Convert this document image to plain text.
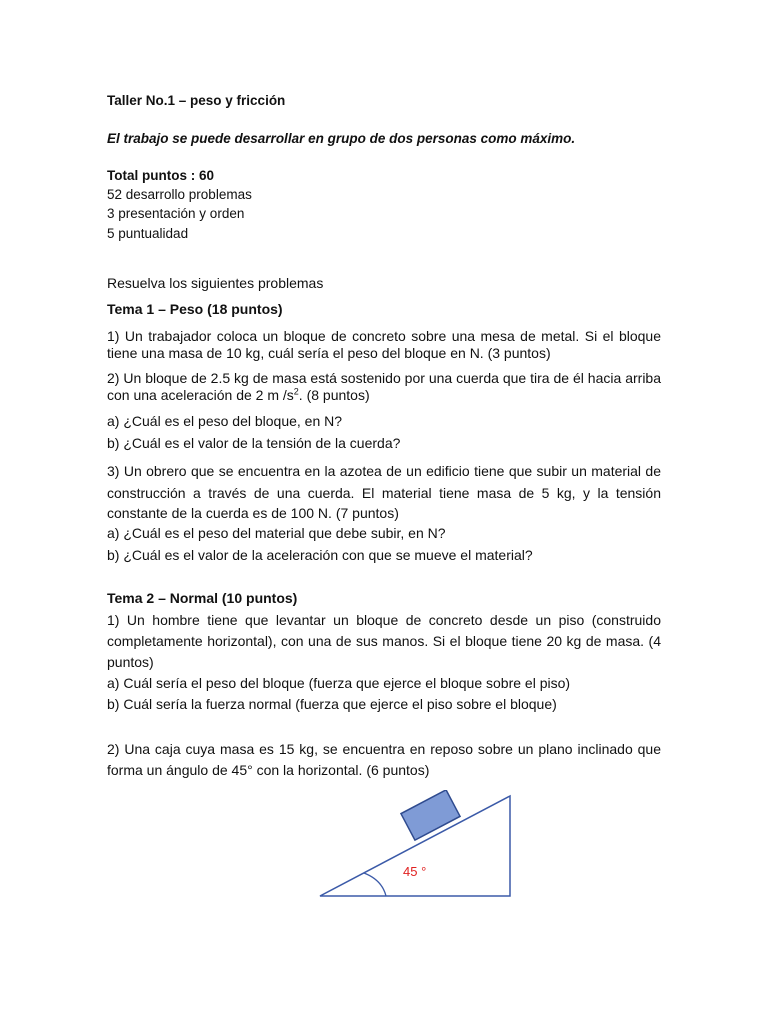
Taller No.1 – peso y fricción
El trabajo se puede desarrollar en grupo de dos personas como máximo.
Total puntos : 60
52 desarrollo problemas
3 presentación y orden
5 puntualidad
Resuelva los siguientes problemas
Tema 1 – Peso (18 puntos)
1) Un trabajador coloca un bloque de concreto sobre una mesa de metal. Si el bloque
tiene una masa de 10 kg, cuál sería el peso del bloque en N. (3 puntos)
2) Un bloque de 2.5 kg de masa está sostenido por una cuerda que tira de él hacia arriba
con una aceleración de 2 m $/s^2$. (8 puntos)
a) ¿Cuál es el peso del bloque, en N?
b) ¿Cuál es el valor de la tensión de la cuerda?
3) Un obrero que se encuentra en la azotea de un edificio tiene que subir un material de
construcción a través de una cuerda. El material tiene masa de 5 kg, y la tensión
constante de la cuerda es de 100 N. (7 puntos)
a) ¿Cuál es el peso del material que debe subir, en N?
b) ¿Cuál es el valor de la aceleración con que se mueve el material?
Tema 2 – Normal (10 puntos)
1) Un hombre tiene que levantar un bloque de concreto desde un piso (construido
completamente horizontal), con una de sus manos. Si el bloque tiene 20 kg de masa. (4
puntos)
a) Cuál sería el peso del bloque (fuerza que ejerce el bloque sobre el piso)
b) Cuál sería la fuerza normal (fuerza que ejerce el piso sobre el bloque)
2) Una caja cuya masa es 15 kg, se encuentra en reposo sobre un plano inclinado que
forma un ángulo de 45° con la horizontal. (6 puntos)
45 °
